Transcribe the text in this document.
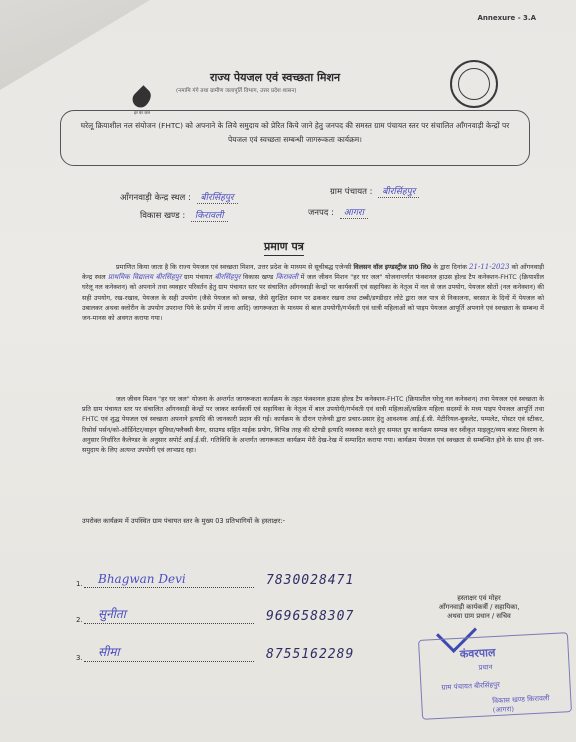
Annexure - 3.A
हर घर जल
राज्य पेयजल एवं स्वच्छता मिशन
(नमामि गंगे तथा ग्रामीण जलापूर्ति विभाग, उत्तर प्रदेश शासन)
घरेलू क्रियाशील नल संयोजन (FHTC) को अपनाने के लिये समुदाय को प्रेरित किये जाने हेतु जनपद की समस्त ग्राम पंचायत स्तर पर संचालित आँगनवाड़ी केन्द्रों पर पेयजल एवं स्वच्छता सम्बन्धी जागरूकता कार्यक्रम।
आँगनवाड़ी केन्द्र स्थल : बीरसिंहपुर
ग्राम पंचायत : बीरसिंहपुर
विकास खण्ड : किरावली	जनपद : आगरा
प्रमाण पत्र
प्रमाणित किया जाता है कि राज्य पेयजल एवं स्वच्छता मिशन, उत्तर प्रदेश के माध्यम से सूचीबद्ध एजेन्सी विलसन वॉल इण्डस्ट्रीज प्रा0 लि0 के द्वारा दिनांक 21-11-2023 को आँगनवाड़ी केन्द्र स्थल प्राथमिक विद्यालय बीरसिंहपुर ग्राम पंचायत बीरसिंहपुर विकास खण्ड किरावली में जल जीवन मिशन "हर घर जल" योजनान्तर्गत फंक्शनल हाउस होल्ड टैप कनेक्शन-FHTC (क्रियाशील घरेलू नल कनेक्शन) को अपनाने तथा व्यवहार परिवर्तन हेतु ग्राम पंचायत स्तर पर संचालित आँगनवाड़ी केन्द्रों पर कार्यकर्त्री एवं सहायिका के नेतृत्व में नल से जल उपयोग, पेयजल स्रोतों (नल कनेक्शन) की सही उपयोग, रख-रखाव, पेयजल के सही उपयोग (जैसे पेयजल को स्वच्छ, जैसे सुरक्षित स्थान पर ढककर रखना तथा टब्बी/डण्डीदार लोटे द्वारा जल पात्र से निकालना, बरसात के दिनों में पेयजल को उबालकर अथवा क्लोरीन के उपयोग उपरान्त पिये के प्रयोग में लाना आदि) जागरूकता के माध्यम से बाल उपयोगी/गर्भवती एवं धात्री महिलाओं को पाइप पेयजल आपूर्ति अपनाने एवं स्वच्छता के सम्बन्ध में जन-मानस को अवगत कराया गया।
जल जीवन मिशन "हर घर जल" योजना के अन्तर्गत जागरूकता कार्यक्रम के तहत फंक्शनल हाउस होल्ड टैप कनेक्शन-FHTC (क्रियाशील घरेलू नल कनेक्शन) तथा पेयजल एवं स्वच्छता के प्रति ग्राम पंचायत स्तर पर संचालित आँगनवाड़ी केन्द्रों पर जाकर कार्यकर्त्री एवं सहायिका के नेतृत्व में बाल उपयोगी/गर्भवती एवं धात्री महिलाओं/सक्रिय महिला सदस्यों के मध्य पाइप पेयजल आपूर्ति तथा FHTC एवं शुद्ध पेयजल एवं स्वच्छता अपनाने इत्यादि की जानकारी प्रदान की गई। कार्यक्रम के दौरान एजेन्सी द्वारा प्रचार-प्रसार हेतु आवश्यक आई.ई.सी. मेटीरियल-बुकलेट, पम्पलेट, पोस्टर एवं स्टीकर, रिसोर्स पर्सन/को-ऑर्डिनेटर/वाहन सुविधा/फ्लैक्सी बैनर, साउण्ड सहित माईक प्रयोग, विभिन्न तरह की स्टेण्डी इत्यादि व्यवस्था करते हुए समस्त ग्रुप कार्यक्रम सम्पन्न कर स्वीकृत माइलुट/व्यय बजट विवरण के अनुसार निर्धारित कैलेण्डर के अनुसार सपोर्ट आई.ई.सी. गतिविधि के अन्तर्गत जागरूकता कार्यक्रम मेरी देख-रेख में सम्पादित कराया गया। कार्यक्रम पेयजल एवं स्वच्छता से सम्बन्धित होने के साथ ही जन-समुदाय के लिए अत्यन्त उपयोगी एवं लाभप्रद रहा।
उपरोक्त कार्यक्रम में उपस्थित ग्राम पंचायत स्तर के मुख्य 03 प्रतिभागियों के हस्ताक्षर:-
1. Bhagwan Devi	7830028471
2. सुनीता	9696588307
3. सीमा	8755162289
हस्ताक्षर एवं मोहर
आँगनवाड़ी कार्यकर्त्री / सहायिका,
अथवा ग्राम प्रधान / सचिव
कंवरपाल
प्रधान
ग्राम पंचायत बीरसिंहपुर
विकास खण्ड किरावली (आगरा)
